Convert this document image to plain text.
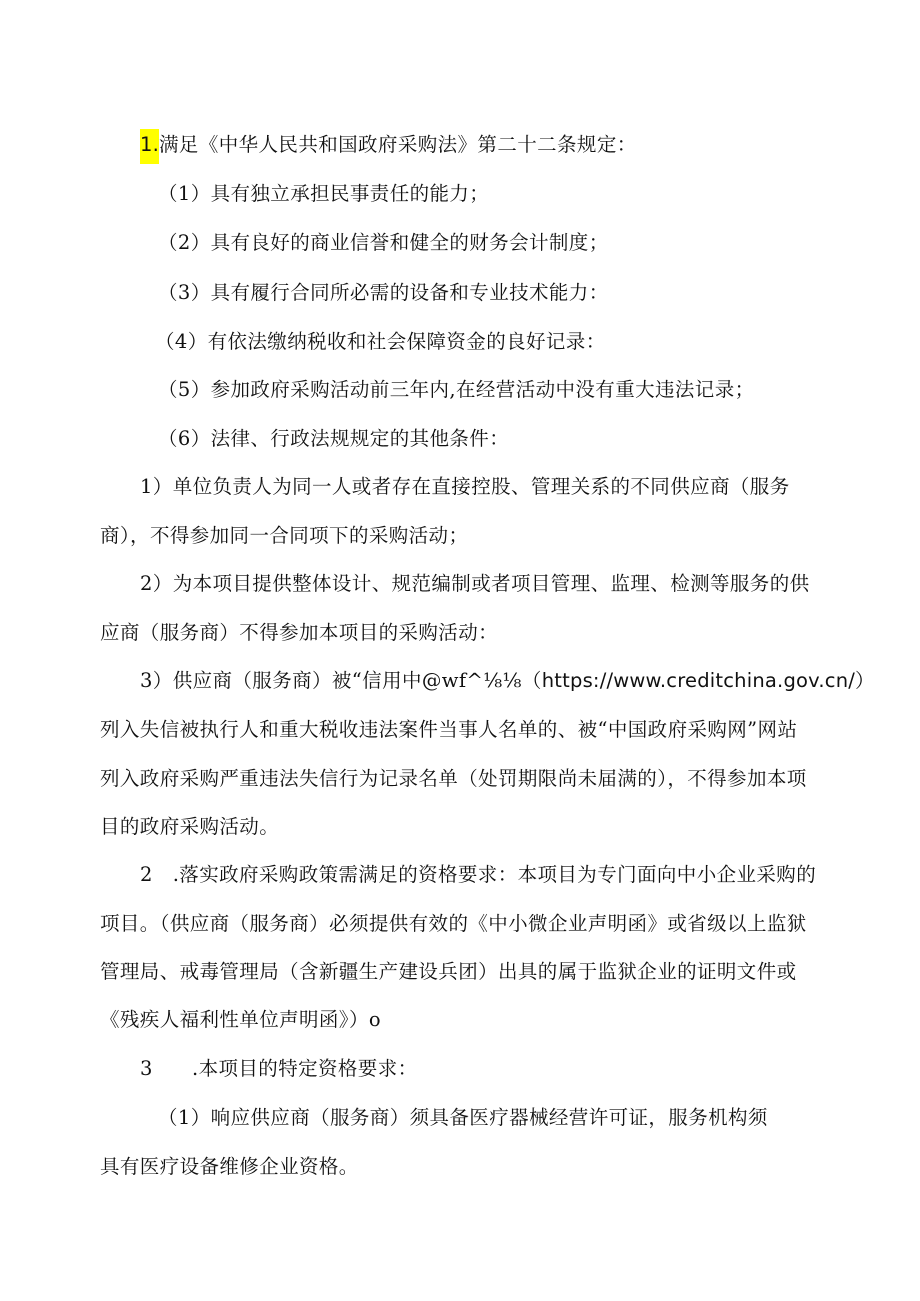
1.满足《中华人民共和国政府采购法》第二十二条规定：
（1）具有独立承担民事责任的能力；
（2）具有良好的商业信誉和健全的财务会计制度；
（3）具有履行合同所必需的设备和专业技术能力：
（4）有依法缴纳税收和社会保障资金的良好记录：
（5）参加政府采购活动前三年内,在经营活动中没有重大违法记录；
（6）法律、行政法规规定的其他条件：
1）单位负责人为同一人或者存在直接控股、管理关系的不同供应商（服务
商），不得参加同一合同项下的采购活动；
2）为本项目提供整体设计、规范编制或者项目管理、监理、检测等服务的供
应商（服务商）不得参加本项目的采购活动：
3）供应商（服务商）被“信用中@wf^⅛⅛（https://www.creditchina.gov.cn/）
列入失信被执行人和重大税收违法案件当事人名单的、被“中国政府采购网”网站
列入政府采购严重违法失信行为记录名单（处罚期限尚未届满的），不得参加本项
目的政府采购活动。
2　.落实政府采购政策需满足的资格要求：本项目为专门面向中小企业采购的
项目。（供应商（服务商）必须提供有效的《中小微企业声明函》或省级以上监狱
管理局、戒毒管理局（含新疆生产建设兵团）出具的属于监狱企业的证明文件或
《残疾人福利性单位声明函》）o
3 .本项目的特定资格要求：
（1）响应供应商（服务商）须具备医疗器械经营许可证，服务机构须
具有医疗设备维修企业资格。
